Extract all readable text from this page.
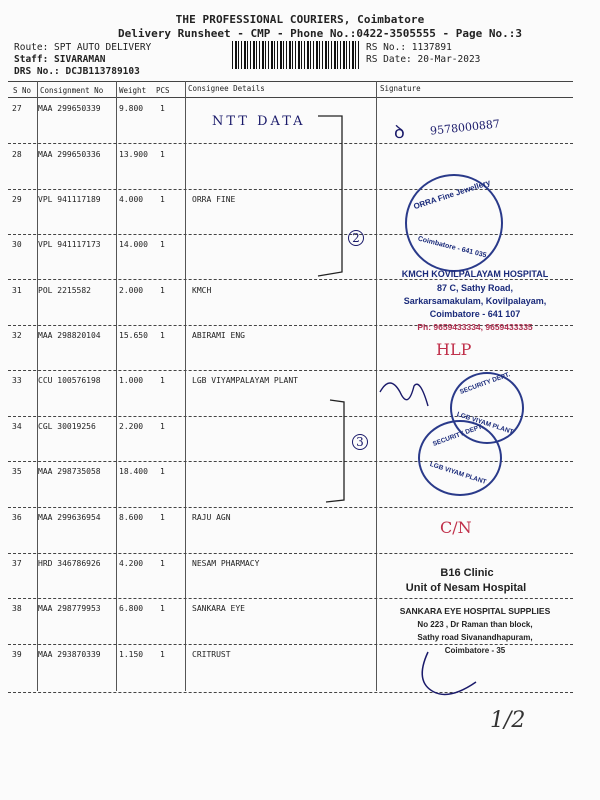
THE PROFESSIONAL COURIERS, Coimbatore
Delivery Runsheet - CMP - Phone No.:0422-3505555 - Page No.:3
Route: SPT AUTO DELIVERY
Staff: SIVARAMAN
DRS No.: DCJB113789103
RS No.: 1137891
RS Date: 20-Mar-2023
S No Consignment No Weight PCS Consignee Details	Signature
27 MAA 299650339 9.800 1
28 MAA 299650336 13.900 1
29 VPL 941117189 4.000 1	ORRA FINE
30 VPL 941117173 14.000 1
31 POL 2215582	2.000 1	KMCH
32 MAA 298820104 15.650 1	ABIRAMI ENG
33 CCU 100576198 1.000 1	LGB VIYAMPALAYAM PLANT
34 CGL 30019256	2.200 1
35 MAA 298735058 18.400 1
36 MAA 299636954 8.600 1	RAJU AGN
37 HRD 346786926 4.200 1	NESAM PHARMACY
38 MAA 298779953 6.800 1	SANKARA EYE
39 MAA 293870339 1.150 1	CRITRUST
NTT DATA	9578000887
ꝺ
2
3
HLP
C/N
1/2
ORRA Fine Jewellery
Coimbatore - 641 035
KMCH KOVILPALAYAM HOSPITAL
87 C, Sathy Road,
Sarkarsamakulam, Kovilpalayam,
Coimbatore - 641 107
Ph: 9659433334, 9659433335
SECURITY DEPT.
LGB VIYAM PLANT
SECURITY DEPT.
LGB VIYAM PLANT
B16 Clinic
Unit of Nesam Hospital
SANKARA EYE HOSPITAL SUPPLIES
No 223 , Dr Raman than block,
Sathy road Sivanandhapuram,
Coimbatore - 35
